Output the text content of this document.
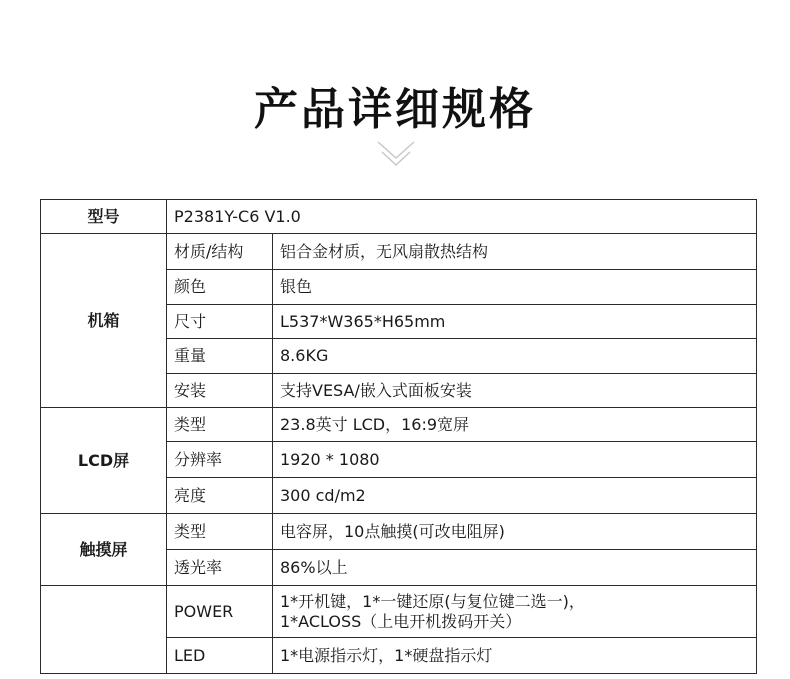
产品详细规格
型号	P2381Y-C6 V1.0	
机箱	材质/结构	铝合金材质，无风扇散热结构
	颜色	银色
	尺寸	L537*W365*H65mm
	重量	8.6KG
	安装	支持VESA/嵌入式面板安装
LCD屏	类型	23.8英寸 LCD，16:9宽屏
	分辨率	1920 * 1080
	亮度	300 cd/m2
触摸屏	类型	电容屏，10点触摸(可改电阻屏)
	透光率	86%以上
	POWER	1*开机键，1*一键还原(与复位键二选一)，
1*ACLOSS（上电开机拨码开关）

	LED	1*电源指示灯，1*硬盘指示灯
